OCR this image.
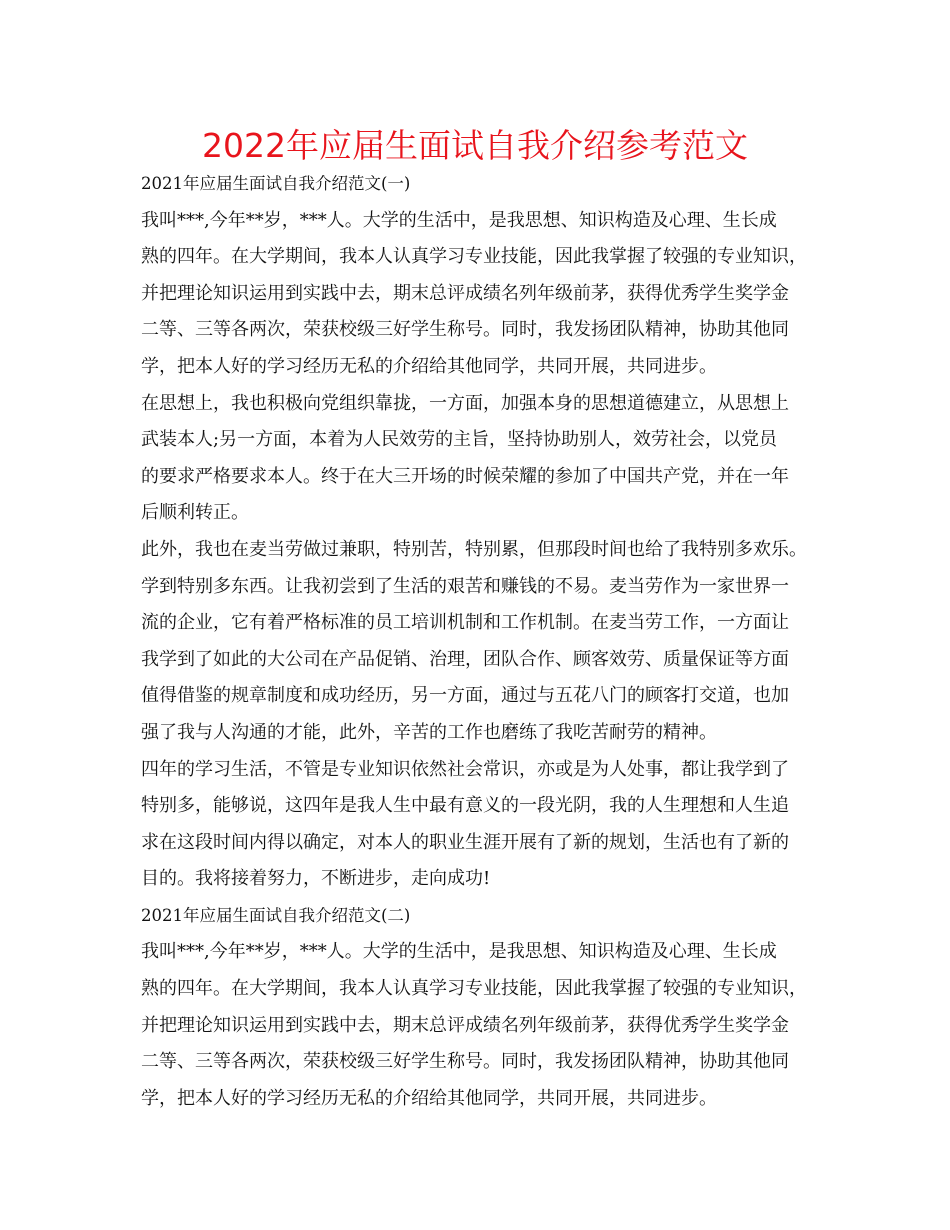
2022年应届生面试自我介绍参考范文
2021年应届生面试自我介绍范文(一)
我叫***,今年**岁，***人。大学的生活中，是我思想、知识构造及心理、生长成
熟的四年。在大学期间，我本人认真学习专业技能，因此我掌握了较强的专业知识，
并把理论知识运用到实践中去，期末总评成绩名列年级前茅，获得优秀学生奖学金
二等、三等各两次，荣获校级三好学生称号。同时，我发扬团队精神，协助其他同
学，把本人好的学习经历无私的介绍给其他同学，共同开展，共同进步。
在思想上，我也积极向党组织靠拢，一方面，加强本身的思想道德建立，从思想上
武装本人;另一方面，本着为人民效劳的主旨，坚持协助别人，效劳社会，以党员
的要求严格要求本人。终于在大三开场的时候荣耀的参加了中国共产党，并在一年
后顺利转正。
此外，我也在麦当劳做过兼职，特别苦，特别累，但那段时间也给了我特别多欢乐。
学到特别多东西。让我初尝到了生活的艰苦和赚钱的不易。麦当劳作为一家世界一
流的企业，它有着严格标准的员工培训机制和工作机制。在麦当劳工作，一方面让
我学到了如此的大公司在产品促销、治理，团队合作、顾客效劳、质量保证等方面
值得借鉴的规章制度和成功经历，另一方面，通过与五花八门的顾客打交道，也加
强了我与人沟通的才能，此外，辛苦的工作也磨练了我吃苦耐劳的精神。
四年的学习生活，不管是专业知识依然社会常识，亦或是为人处事，都让我学到了
特别多，能够说，这四年是我人生中最有意义的一段光阴，我的人生理想和人生追
求在这段时间内得以确定，对本人的职业生涯开展有了新的规划，生活也有了新的
目的。我将接着努力，不断进步，走向成功!
2021年应届生面试自我介绍范文(二)
我叫***,今年**岁，***人。大学的生活中，是我思想、知识构造及心理、生长成
熟的四年。在大学期间，我本人认真学习专业技能，因此我掌握了较强的专业知识，
并把理论知识运用到实践中去，期末总评成绩名列年级前茅，获得优秀学生奖学金
二等、三等各两次，荣获校级三好学生称号。同时，我发扬团队精神，协助其他同
学，把本人好的学习经历无私的介绍给其他同学，共同开展，共同进步。
